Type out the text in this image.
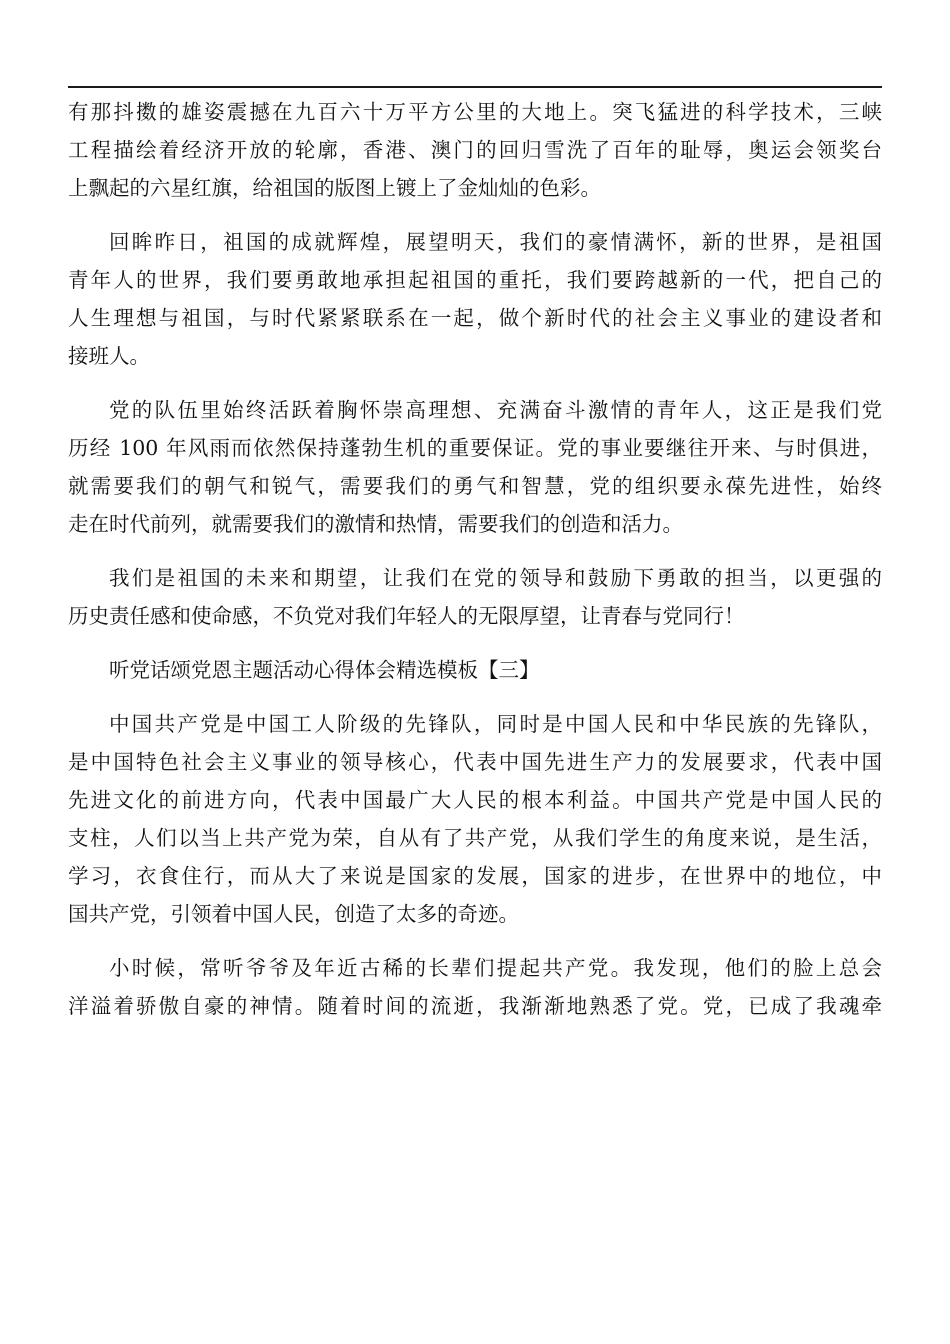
有那抖擞的雄姿震撼在九百六十万平方公里的大地上。突飞猛进的科学技术，三峡
工程描绘着经济开放的轮廓，香港、澳门的回归雪洗了百年的耻辱，奥运会领奖台
上飘起的六星红旗，给祖国的版图上镀上了金灿灿的色彩。
回眸昨日，祖国的成就辉煌，展望明天，我们的豪情满怀，新的世界，是祖国
青年人的世界，我们要勇敢地承担起祖国的重托，我们要跨越新的一代，把自己的
人生理想与祖国，与时代紧紧联系在一起，做个新时代的社会主义事业的建设者和
接班人。
党的队伍里始终活跃着胸怀崇高理想、充满奋斗激情的青年人，这正是我们党
历经 100 年风雨而依然保持蓬勃生机的重要保证。党的事业要继往开来、与时俱进，
就需要我们的朝气和锐气，需要我们的勇气和智慧，党的组织要永葆先进性，始终
走在时代前列，就需要我们的激情和热情，需要我们的创造和活力。
我们是祖国的未来和期望，让我们在党的领导和鼓励下勇敢的担当，以更强的
历史责任感和使命感，不负党对我们年轻人的无限厚望，让青春与党同行！
听党话颂党恩主题活动心得体会精选模板【三】
中国共产党是中国工人阶级的先锋队，同时是中国人民和中华民族的先锋队，
是中国特色社会主义事业的领导核心，代表中国先进生产力的发展要求，代表中国
先进文化的前进方向，代表中国最广大人民的根本利益。中国共产党是中国人民的
支柱，人们以当上共产党为荣，自从有了共产党，从我们学生的角度来说，是生活，
学习，衣食住行，而从大了来说是国家的发展，国家的进步，在世界中的地位，中
国共产党，引领着中国人民，创造了太多的奇迹。
小时候，常听爷爷及年近古稀的长辈们提起共产党。我发现，他们的脸上总会
洋溢着骄傲自豪的神情。随着时间的流逝，我渐渐地熟悉了党。党，已成了我魂牵
